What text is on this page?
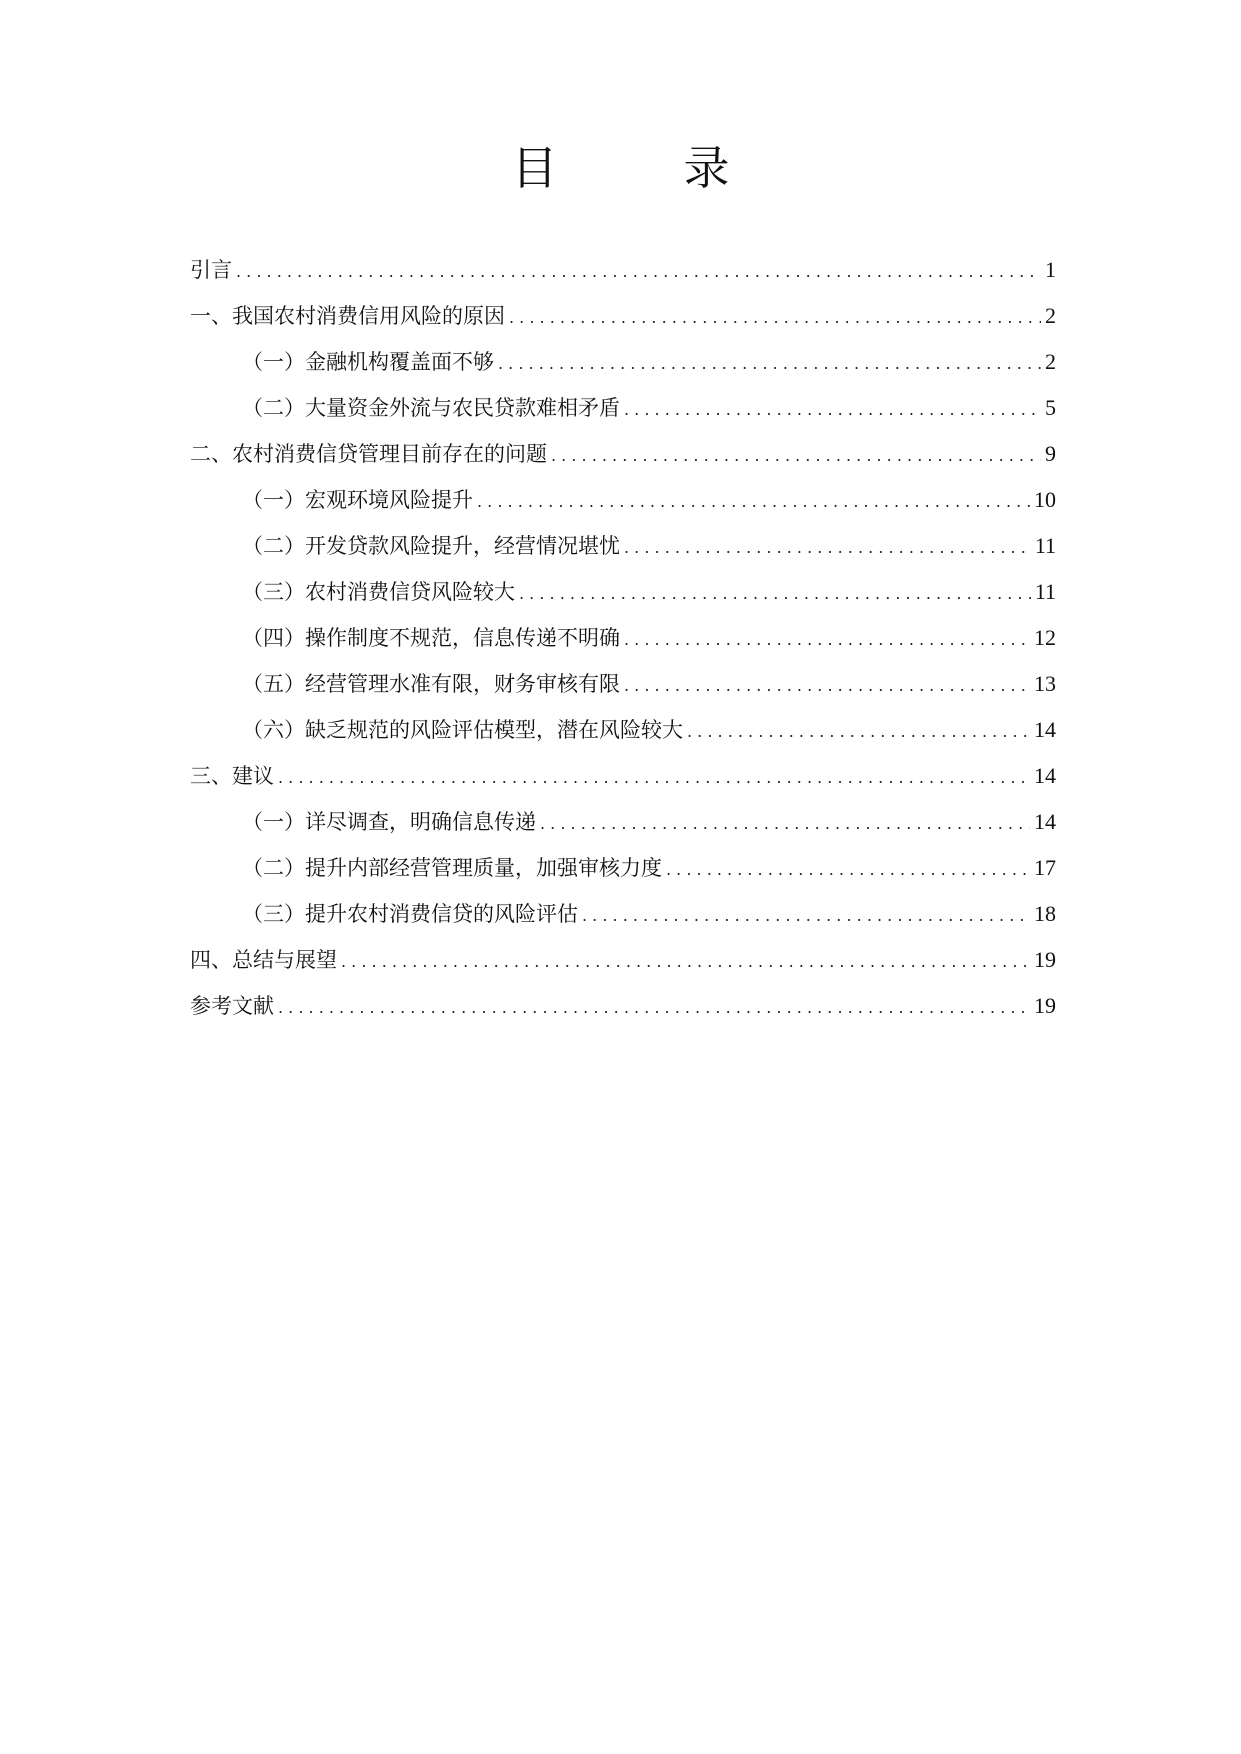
目　录
引言 . . .	1
一、我国农村消费信用风险的原因 . . .	2
（一）金融机构覆盖面不够 . . .	2
（二）大量资金外流与农民贷款难相矛盾 . . .	5
二、农村消费信贷管理目前存在的问题 . . .	9
（一）宏观环境风险提升 . . .	10
（二）开发贷款风险提升，经营情况堪忧 . . .	11
（三）农村消费信贷风险较大 . . .	11
（四）操作制度不规范，信息传递不明确 . . .	12
（五）经营管理水准有限，财务审核有限 . . .	13
（六）缺乏规范的风险评估模型，潜在风险较大 . . .	14
三、建议 . . .	14
（一）详尽调查，明确信息传递 . . .	14
（二）提升内部经营管理质量，加强审核力度 . . .	17
（三）提升农村消费信贷的风险评估 . . .	18
四、总结与展望 . . .	19
参考文献 . . .	19
